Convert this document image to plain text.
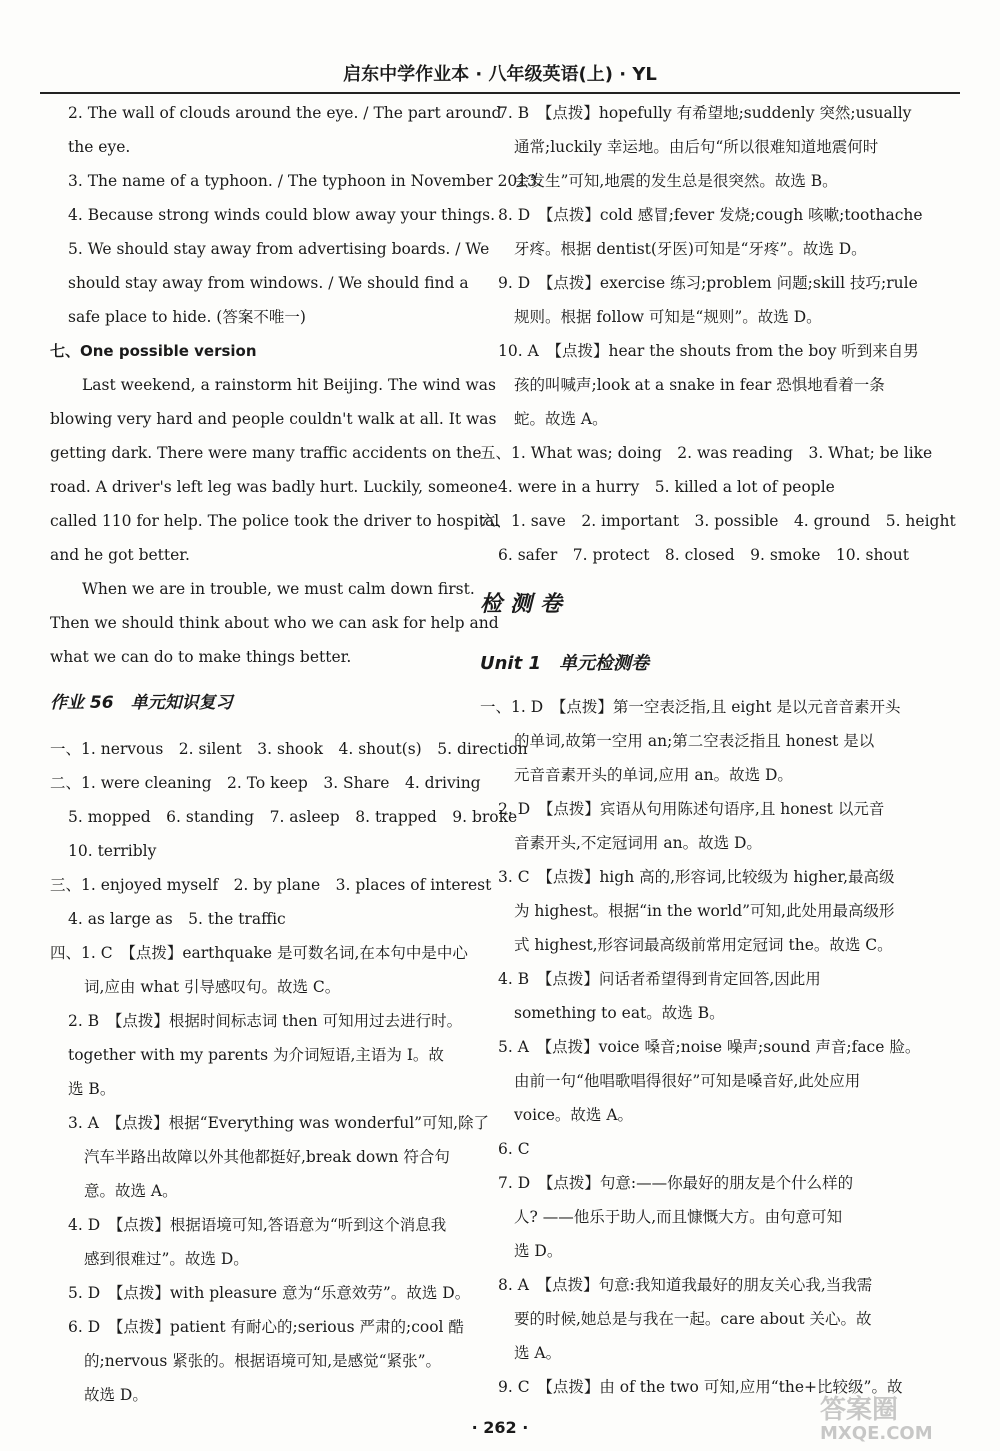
启东中学作业本 · 八年级英语(上) · YL
2. The wall of clouds around the eye. / The part around
the eye.
3. The name of a typhoon. / The typhoon in November 2013.
4. Because strong winds could blow away your things.
5. We should stay away from advertising boards. / We
should stay away from windows. / We should find a
safe place to hide. (答案不唯一)
七、One possible version
Last weekend, a rainstorm hit Beijing. The wind was
blowing very hard and people couldn't walk at all. It was
getting dark. There were many traffic accidents on the
road. A driver's left leg was badly hurt. Luckily, someone
called 110 for help. The police took the driver to hospital
and he got better.
When we are in trouble, we must calm down first.
Then we should think about who we can ask for help and
what we can do to make things better.
作业 56　单元知识复习
一、1. nervous　2. silent　3. shook　4. shout(s)　5. direction
二、1. were cleaning　2. To keep　3. Share　4. driving
5. mopped　6. standing　7. asleep　8. trapped　9. broke
10. terribly
三、1. enjoyed myself　2. by plane　3. places of interest
4. as large as　5. the traffic
四、1. C　【点拨】earthquake 是可数名词,在本句中是中心
词,应由 what 引导感叹句。故选 C。
2. B　【点拨】根据时间标志词 then 可知用过去进行时。
together with my parents 为介词短语,主语为 I。故
选 B。
3. A　【点拨】根据“Everything was wonderful”可知,除了
汽车半路出故障以外其他都挺好,break down 符合句
意。故选 A。
4. D　【点拨】根据语境可知,答语意为“听到这个消息我
感到很难过”。故选 D。
5. D　【点拨】with pleasure 意为“乐意效劳”。故选 D。
6. D　【点拨】patient 有耐心的;serious 严肃的;cool 酷
的;nervous 紧张的。根据语境可知,是感觉“紧张”。
故选 D。
7. B　【点拨】hopefully 有希望地;suddenly 突然;usually
通常;luckily 幸运地。由后句“所以很难知道地震何时
会发生”可知,地震的发生总是很突然。故选 B。
8. D　【点拨】cold 感冒;fever 发烧;cough 咳嗽;toothache
牙疼。根据 dentist(牙医)可知是“牙疼”。故选 D。
9. D　【点拨】exercise 练习;problem 问题;skill 技巧;rule
规则。根据 follow 可知是“规则”。故选 D。
10. A　【点拨】hear the shouts from the boy 听到来自男
孩的叫喊声;look at a snake in fear 恐惧地看着一条
蛇。故选 A。
五、1. What was; doing　2. was reading　3. What; be like
4. were in a hurry　5. killed a lot of people
六、1. save　2. important　3. possible　4. ground　5. height
6. safer　7. protect　8. closed　9. smoke　10. shout
检测卷
Unit 1　单元检测卷
一、1. D　【点拨】第一空表泛指,且 eight 是以元音音素开头
的单词,故第一空用 an;第二空表泛指且 honest 是以
元音音素开头的单词,应用 an。故选 D。
2. D　【点拨】宾语从句用陈述句语序,且 honest 以元音
音素开头,不定冠词用 an。故选 D。
3. C　【点拨】high 高的,形容词,比较级为 higher,最高级
为 highest。根据“in the world”可知,此处用最高级形
式 highest,形容词最高级前常用定冠词 the。故选 C。
4. B　【点拨】问话者希望得到肯定回答,因此用
something to eat。故选 B。
5. A　【点拨】voice 嗓音;noise 噪声;sound 声音;face 脸。
由前一句“他唱歌唱得很好”可知是嗓音好,此处应用
voice。故选 A。
6. C
7. D　【点拨】句意:——你最好的朋友是个什么样的
人? ——他乐于助人,而且慷慨大方。由句意可知
选 D。
8. A　【点拨】句意:我知道我最好的朋友关心我,当我需
要的时候,她总是与我在一起。care about 关心。故
选 A。
9. C　【点拨】由 of the two 可知,应用“the+比较级”。故
· 262 ·
答案圈
MXQE.COM
